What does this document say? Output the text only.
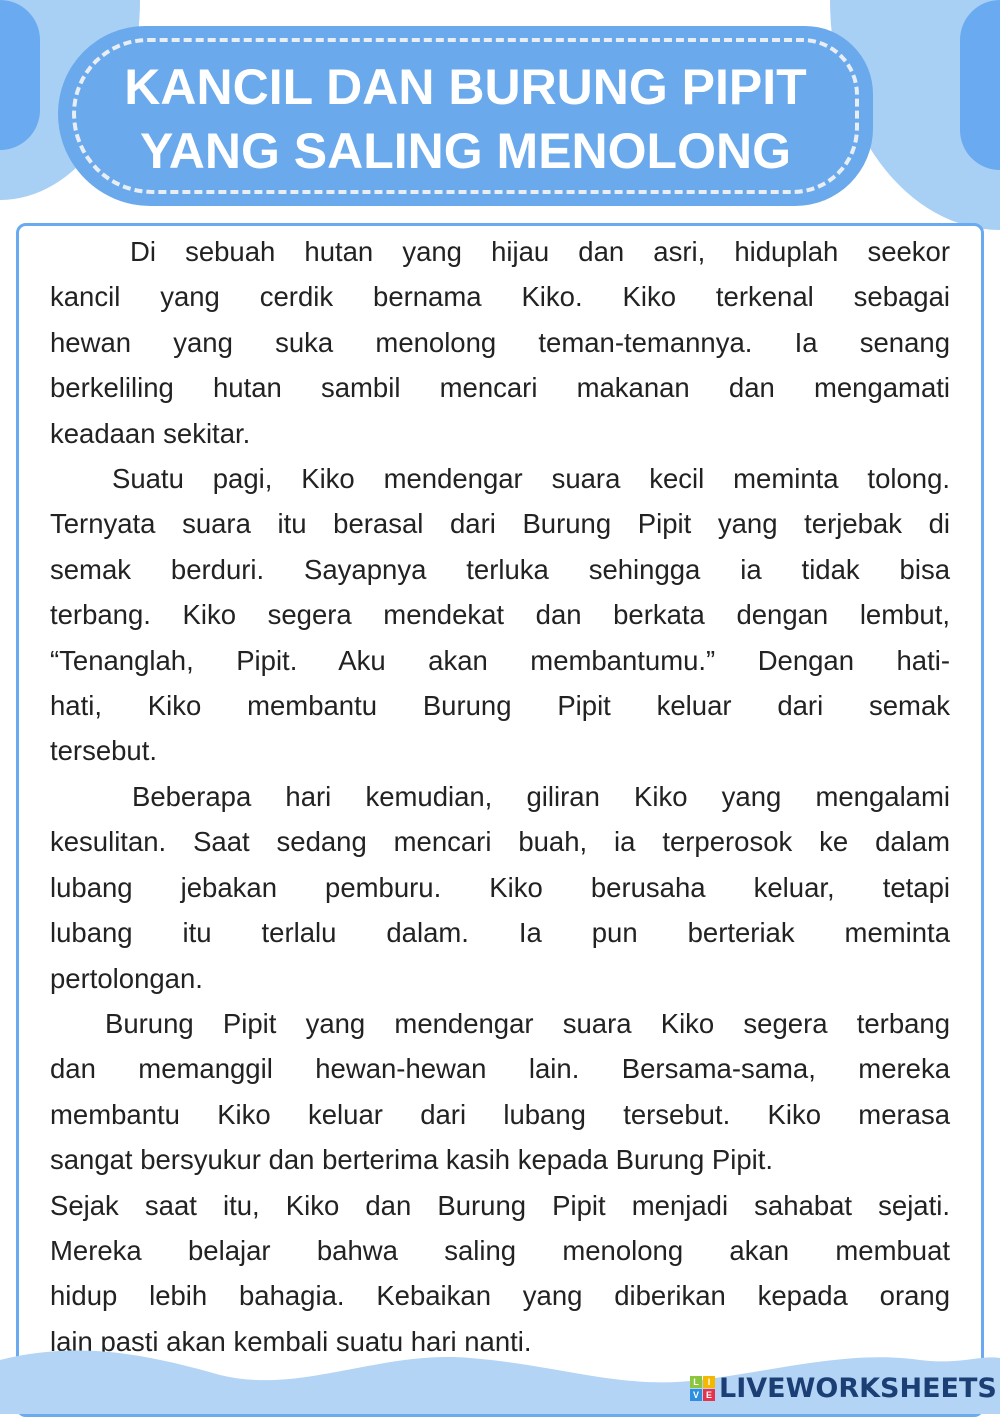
KANCIL DAN BURUNG PIPIT
YANG SALING MENOLONG
Di sebuah hutan yang hijau dan asri, hiduplah seekor
kancil yang cerdik bernama Kiko. Kiko terkenal sebagai
hewan yang suka menolong teman-temannya. Ia senang
berkeliling hutan sambil mencari makanan dan mengamati
keadaan sekitar.
Suatu pagi, Kiko mendengar suara kecil meminta tolong.
Ternyata suara itu berasal dari Burung Pipit yang terjebak di
semak berduri. Sayapnya terluka sehingga ia tidak bisa
terbang. Kiko segera mendekat dan berkata dengan lembut,
“Tenanglah, Pipit. Aku akan membantumu.” Dengan hati-
hati, Kiko membantu Burung Pipit keluar dari semak
tersebut.
Beberapa hari kemudian, giliran Kiko yang mengalami
kesulitan. Saat sedang mencari buah, ia terperosok ke dalam
lubang jebakan pemburu. Kiko berusaha keluar, tetapi
lubang itu terlalu dalam. Ia pun berteriak meminta
pertolongan.
Burung Pipit yang mendengar suara Kiko segera terbang
dan memanggil hewan-hewan lain. Bersama-sama, mereka
membantu Kiko keluar dari lubang tersebut. Kiko merasa
sangat bersyukur dan berterima kasih kepada Burung Pipit.
Sejak saat itu, Kiko dan Burung Pipit menjadi sahabat sejati.
Mereka belajar bahwa saling menolong akan membuat
hidup lebih bahagia. Kebaikan yang diberikan kepada orang
lain pasti akan kembali suatu hari nanti.
L I
V E LIVEWORKSHEETS
